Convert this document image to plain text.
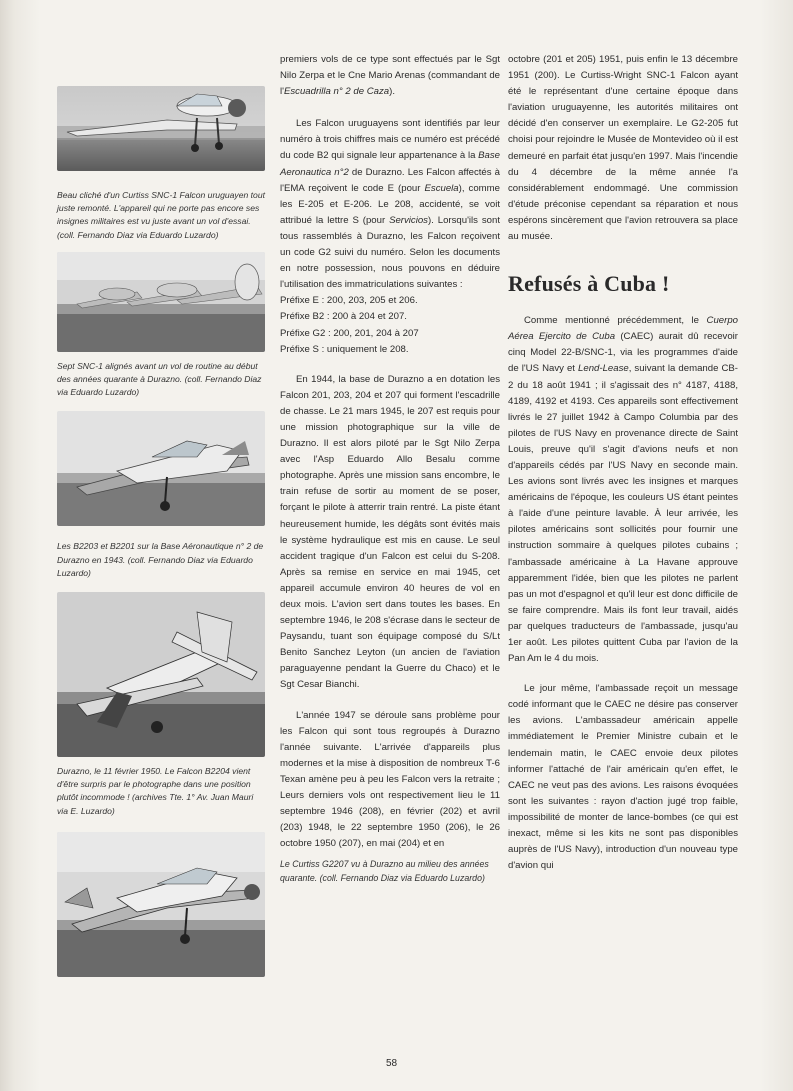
Beau cliché d'un Curtiss SNC-1 Falcon uruguayen tout juste remonté. L'appareil qui ne porte pas encore ses insignes militaires est vu juste avant un vol d'essai. (coll. Fernando Diaz via Eduardo Luzardo)

Sept SNC-1 alignés avant un vol de routine au début des années quarante à Durazno. (coll. Fernando Diaz via Eduardo Luzardo)

Les B2203 et B2201 sur la Base Aéronautique n° 2 de Durazno en 1943. (coll. Fernando Diaz via Eduardo Luzardo)

Durazno, le 11 février 1950. Le Falcon B2204 vient d'être surpris par le photographe dans une position plutôt incommode ! (archives Tte. 1° Av. Juan Mauri via E. Luzardo)

premiers vols de ce type sont effectués par le Sgt Nilo Zerpa et le Cne Mario Arenas (commandant de l'Escuadrilla n° 2 de Caza).

Les Falcon uruguayens sont identifiés par leur numéro à trois chiffres mais ce numéro est précédé du code B2 qui signale leur appartenance à la Base Aeronautica n°2 de Durazno. Les Falcon affectés à l'EMA reçoivent le code E (pour Escuela), comme les E-205 et E-206. Le 208, accidenté, se voit attribué la lettre S (pour Servicios). Lorsqu'ils sont tous rassemblés à Durazno, les Falcon reçoivent un code G2 suivi du numéro. Selon les documents en notre possession, nous pouvons en déduire l'utilisation des immatriculations suivantes :

Préfixe E : 200, 203, 205 et 206.
Préfixe B2 : 200 à 204 et 207.
Préfixe G2 : 200, 201, 204 à 207
Préfixe S : uniquement le 208.

En 1944, la base de Durazno a en dotation les Falcon 201, 203, 204 et 207 qui forment l'escadrille de chasse. Le 21 mars 1945, le 207 est requis pour une mission photographique sur la ville de Durazno. Il est alors piloté par le Sgt Nilo Zerpa avec l'Asp Eduardo Allo Besalu comme photographe. Après une mission sans encombre, le train refuse de sortir au moment de se poser, forçant le pilote à atterrir train rentré. La piste étant heureusement humide, les dégâts sont évités mais le système hydraulique est mis en cause. Le seul accident tragique d'un Falcon est celui du S-208. Après sa remise en service en mai 1945, cet appareil accumule environ 40 heures de vol en deux mois. L'avion sert dans toutes les bases. En septembre 1946, le 208 s'écrase dans le secteur de Paysandu, tuant son équipage composé du S/Lt Benito Sanchez Leyton (un ancien de l'aviation paraguayenne pendant la Guerre du Chaco) et le Sgt Cesar Bianchi.

L'année 1947 se déroule sans problème pour les Falcon qui sont tous regroupés à Durazno l'année suivante. L'arrivée d'appareils plus modernes et la mise à disposition de nombreux T-6 Texan amène peu à peu les Falcon vers la retraite ; Leurs derniers vols ont respectivement lieu le 11 septembre 1946 (208), en février (202) et avril (203) 1948, le 22 septembre 1950 (206), le 26 octobre 1950 (207), en mai (204) et en

Le Curtiss G2207 vu à Durazno au milieu des années quarante. (coll. Fernando Diaz via Eduardo Luzardo)

octobre (201 et 205) 1951, puis enfin le 13 décembre 1951 (200). Le Curtiss-Wright SNC-1 Falcon ayant été le représentant d'une certaine époque dans l'aviation uruguayenne, les autorités militaires ont décidé d'en conserver un exemplaire. Le G2-205 fut choisi pour rejoindre le Musée de Montevideo où il est demeuré en parfait état jusqu'en 1997. Mais l'incendie du 4 décembre de la même année l'a considérablement endommagé. Une commission d'étude préconise cependant sa réparation et nous espérons sincèrement que l'avion retrouvera sa place au musée.

Refusés à Cuba !

Comme mentionné précédemment, le Cuerpo Aérea Ejercito de Cuba (CAEC) aurait dû recevoir cinq Model 22-B/SNC-1, via les programmes d'aide de l'US Navy et Lend-Lease, suivant la demande CB-2 du 18 août 1941 ; il s'agissait des n° 4187, 4188, 4189, 4192 et 4193. Ces appareils sont effectivement livrés le 27 juillet 1942 à Campo Columbia par des pilotes de l'US Navy en provenance directe de Saint Louis, preuve qu'il s'agit d'avions neufs et non d'appareils cédés par l'US Navy en seconde main. Les avions sont livrés avec les insignes et marques américains de l'époque, les couleurs US étant peintes à l'aide d'une peinture lavable. À leur arrivée, les pilotes américains sont sollicités pour fournir une instruction sommaire à quelques pilotes cubains ; l'ambassade américaine à La Havane approuve apparemment l'idée, bien que les pilotes ne parlent pas un mot d'espagnol et qu'il leur est donc difficile de se faire comprendre. Mais ils font leur travail, aidés par quelques traducteurs de l'ambassade, jusqu'au 1er août. Les pilotes quittent Cuba par l'avion de la Pan Am le 4 du mois.

Le jour même, l'ambassade reçoit un message codé informant que le CAEC ne désire pas conserver les avions. L'ambassadeur américain appelle immédiatement le Premier Ministre cubain et le lendemain matin, le CAEC envoie deux pilotes informer l'attaché de l'air américain qu'en effet, le CAEC ne veut pas des avions. Les raisons évoquées sont les suivantes : rayon d'action jugé trop faible, impossibilité de monter de lance-bombes (ce qui est inexact, même si les kits ne sont pas disponibles auprès de l'US Navy), introduction d'un nouveau type d'avion qui

58
